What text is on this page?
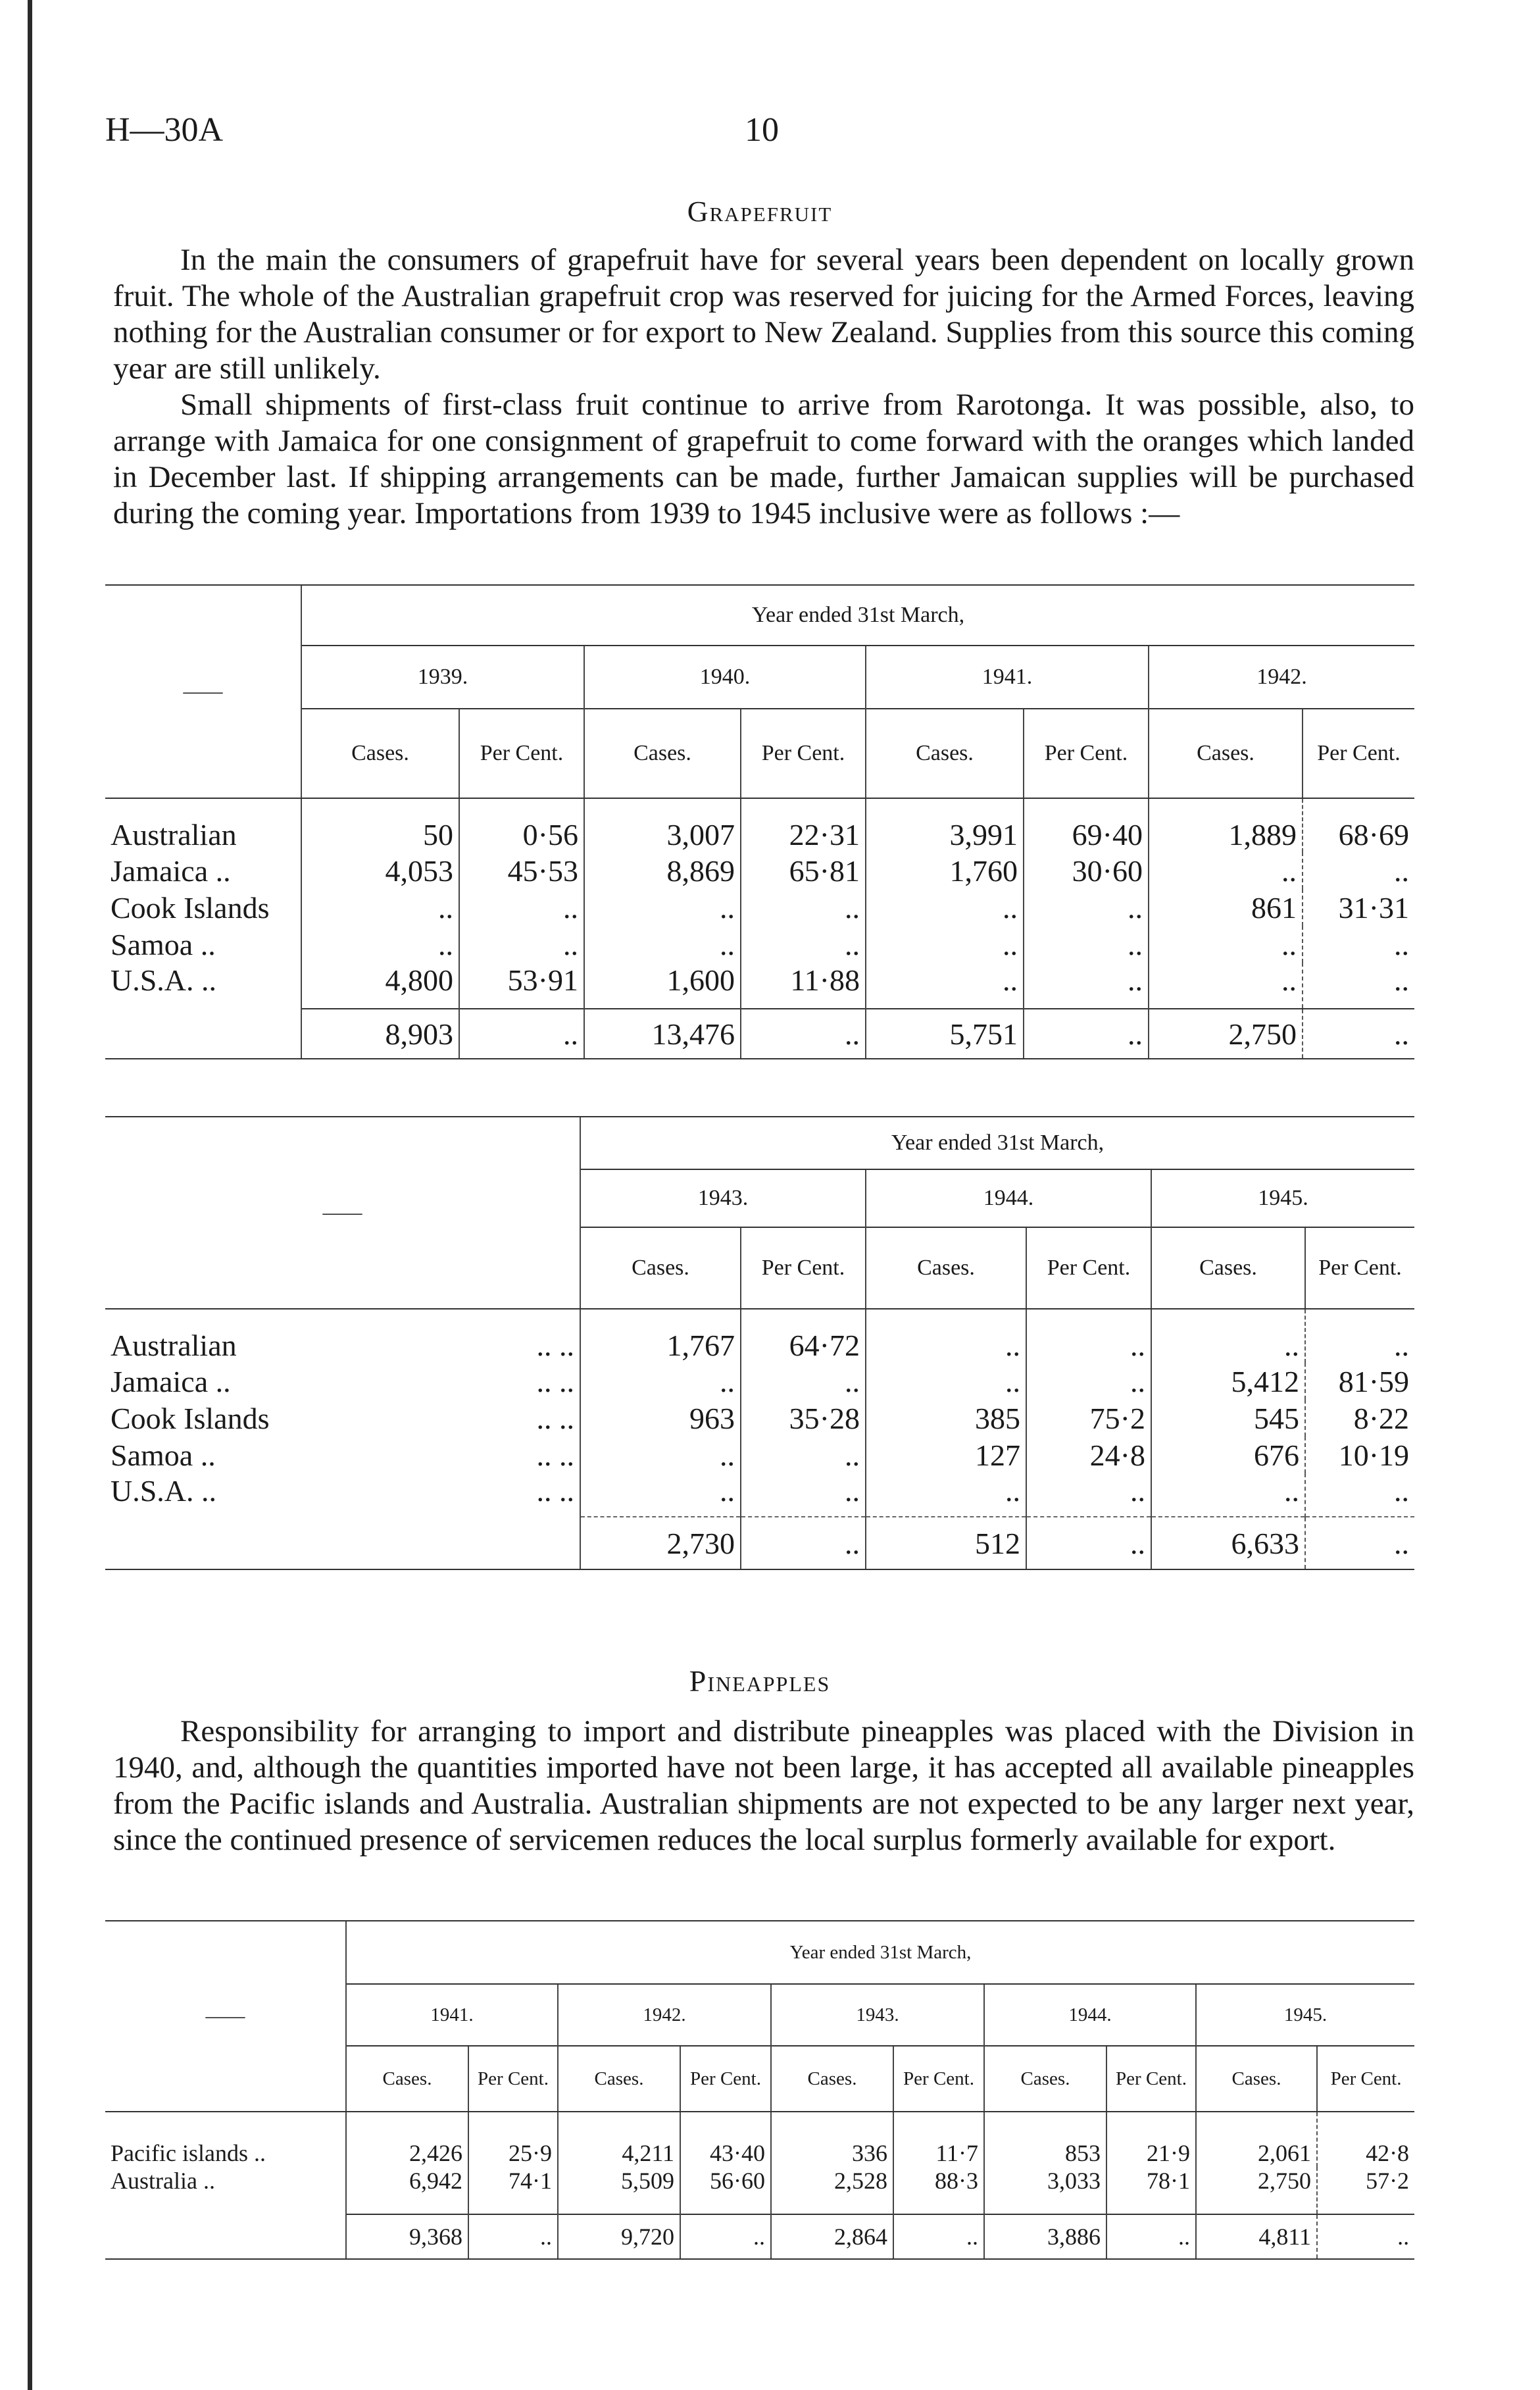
H—30A	10
Grapefruit

In the main the consumers of grapefruit have for several years been dependent on locally grown fruit. The whole of the Australian grapefruit crop was reserved for juicing for the Armed Forces, leaving nothing for the Australian consumer or for export to New Zealand. Supplies from this source this coming year are still unlikely.

Small shipments of first-class fruit continue to arrive from Rarotonga. It was possible, also, to arrange with Jamaica for one consignment of grapefruit to come forward with the oranges which landed in December last. If shipping arrangements can be made, further Jamaican supplies will be purchased during the coming year. Importations from 1939 to 1945 inclusive were as follows :—

——	Year ended 31st March,							
	1939.		1940.		1941.		1942.	
	Cases.	Per Cent.	Cases.	Per Cent.	Cases.	Per Cent.	Cases.	Per Cent.
Australian	50	0·56	3,007	22·31	3,991	69·40	1,889	68·69
Jamaica ..	4,053	45·53	8,869	65·81	1,760	30·60	..	..
Cook Islands	..	..	..	..	..	..	861	31·31
Samoa ..	..	..	..	..	..	..	..	..
U.S.A. ..	4,800	53·91	1,600	11·88	..	..	..	..
	8,903	..	13,476	..	5,751	..	2,750	..
——	Year ended 31st March,					
	1943.		1944.		1945.	
	Cases.	Per Cent.	Cases.	Per Cent.	Cases.	Per Cent.
Australian .. ..	1,767	64·72	..	..	..	..
Jamaica .. .. ..	..	..	..	..	5,412	81·59
Cook Islands .. ..	963	35·28	385	75·2	545	8·22
Samoa .. .. ..	..	..	127	24·8	676	10·19
U.S.A. .. .. ..	..	..	..	..	..	..
	2,730	..	512	..	6,633	..
Pineapples

Responsibility for arranging to import and distribute pineapples was placed with the Division in 1940, and, although the quantities imported have not been large, it has accepted all available pineapples from the Pacific islands and Australia. Australian shipments are not expected to be any larger next year, since the continued presence of servicemen reduces the local surplus formerly available for export.

——	Year ended 31st March,									
	1941.		1942.		1943.		1944.		1945.	
	Cases.	Per Cent.	Cases.	Per Cent.	Cases.	Per Cent.	Cases.	Per Cent.	Cases.	Per Cent.
Pacific islands ..	2,426	25·9	4,211	43·40	336	11·7	853	21·9	2,061	42·8
Australia ..	6,942	74·1	5,509	56·60	2,528	88·3	3,033	78·1	2,750	57·2
	9,368	..	9,720	..	2,864	..	3,886	..	4,811	..
